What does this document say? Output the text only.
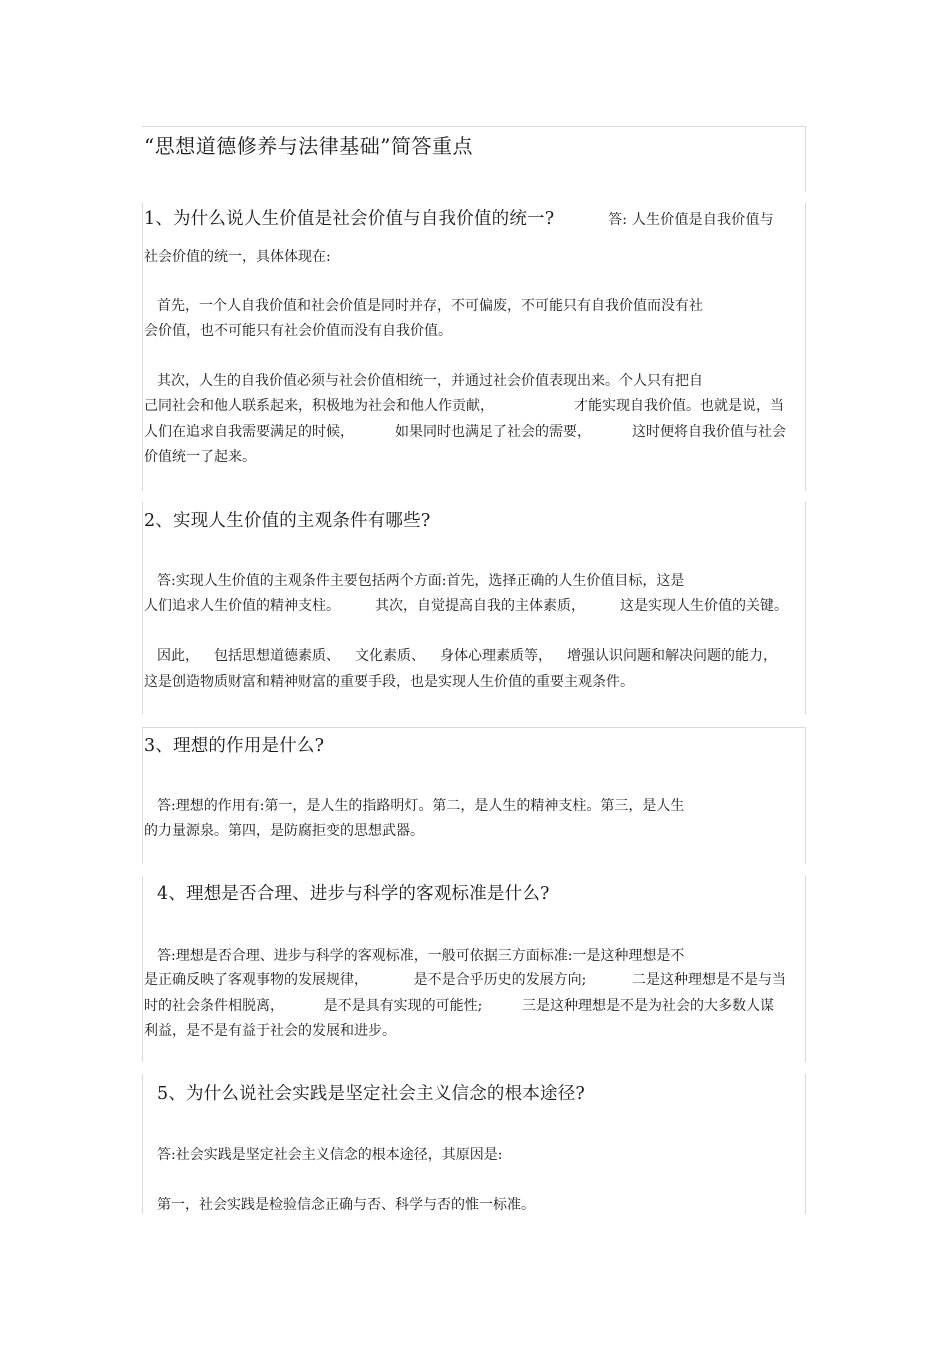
“思想道德修养与法律基础”简答重点
1、为什么说人生价值是社会价值与自我价值的统一?	答: 人生价值是自我价值与
社会价值的统一，具体体现在:
首先，一个人自我价值和社会价值是同时并存，不可偏废，不可能只有自我价值而没有社
会价值，也不可能只有社会价值而没有自我价值。
其次，人生的自我价值必须与社会价值相统一，并通过社会价值表现出来。个人只有把自
己同社会和他人联系起来，积极地为社会和他人作贡献，	才能实现自我价值。也就是说，当
人们在追求自我需要满足的时候，	如果同时也满足了社会的需要，	这时便将自我价值与社会
价值统一了起来。
2、实现人生价值的主观条件有哪些?
答:实现人生价值的主观条件主要包括两个方面:首先，选择正确的人生价值目标，这是
人们追求人生价值的精神支柱。	其次，自觉提高自我的主体素质，	这是实现人生价值的关键。
因此， 包括思想道德素质、 文化素质、 身体心理素质等， 增强认识问题和解决问题的能力，
这是创造物质财富和精神财富的重要手段，也是实现人生价值的重要主观条件。
3、理想的作用是什么?
答:理想的作用有:第一，是人生的指路明灯。第二，是人生的精神支柱。第三，是人生
的力量源泉。第四，是防腐拒变的思想武器。
4、理想是否合理、进步与科学的客观标准是什么?
答:理想是否合理、进步与科学的客观标准，一般可依据三方面标准:一是这种理想是不
是正确反映了客观事物的发展规律，	是不是合乎历史的发展方向;	二是这种理想是不是与当
时的社会条件相脱离，	是不是具有实现的可能性;	三是这种理想是不是为社会的大多数人谋
利益，是不是有益于社会的发展和进步。
5、为什么说社会实践是坚定社会主义信念的根本途径?
答:社会实践是坚定社会主义信念的根本途径，其原因是:
第一，社会实践是检验信念正确与否、科学与否的惟一标准。
